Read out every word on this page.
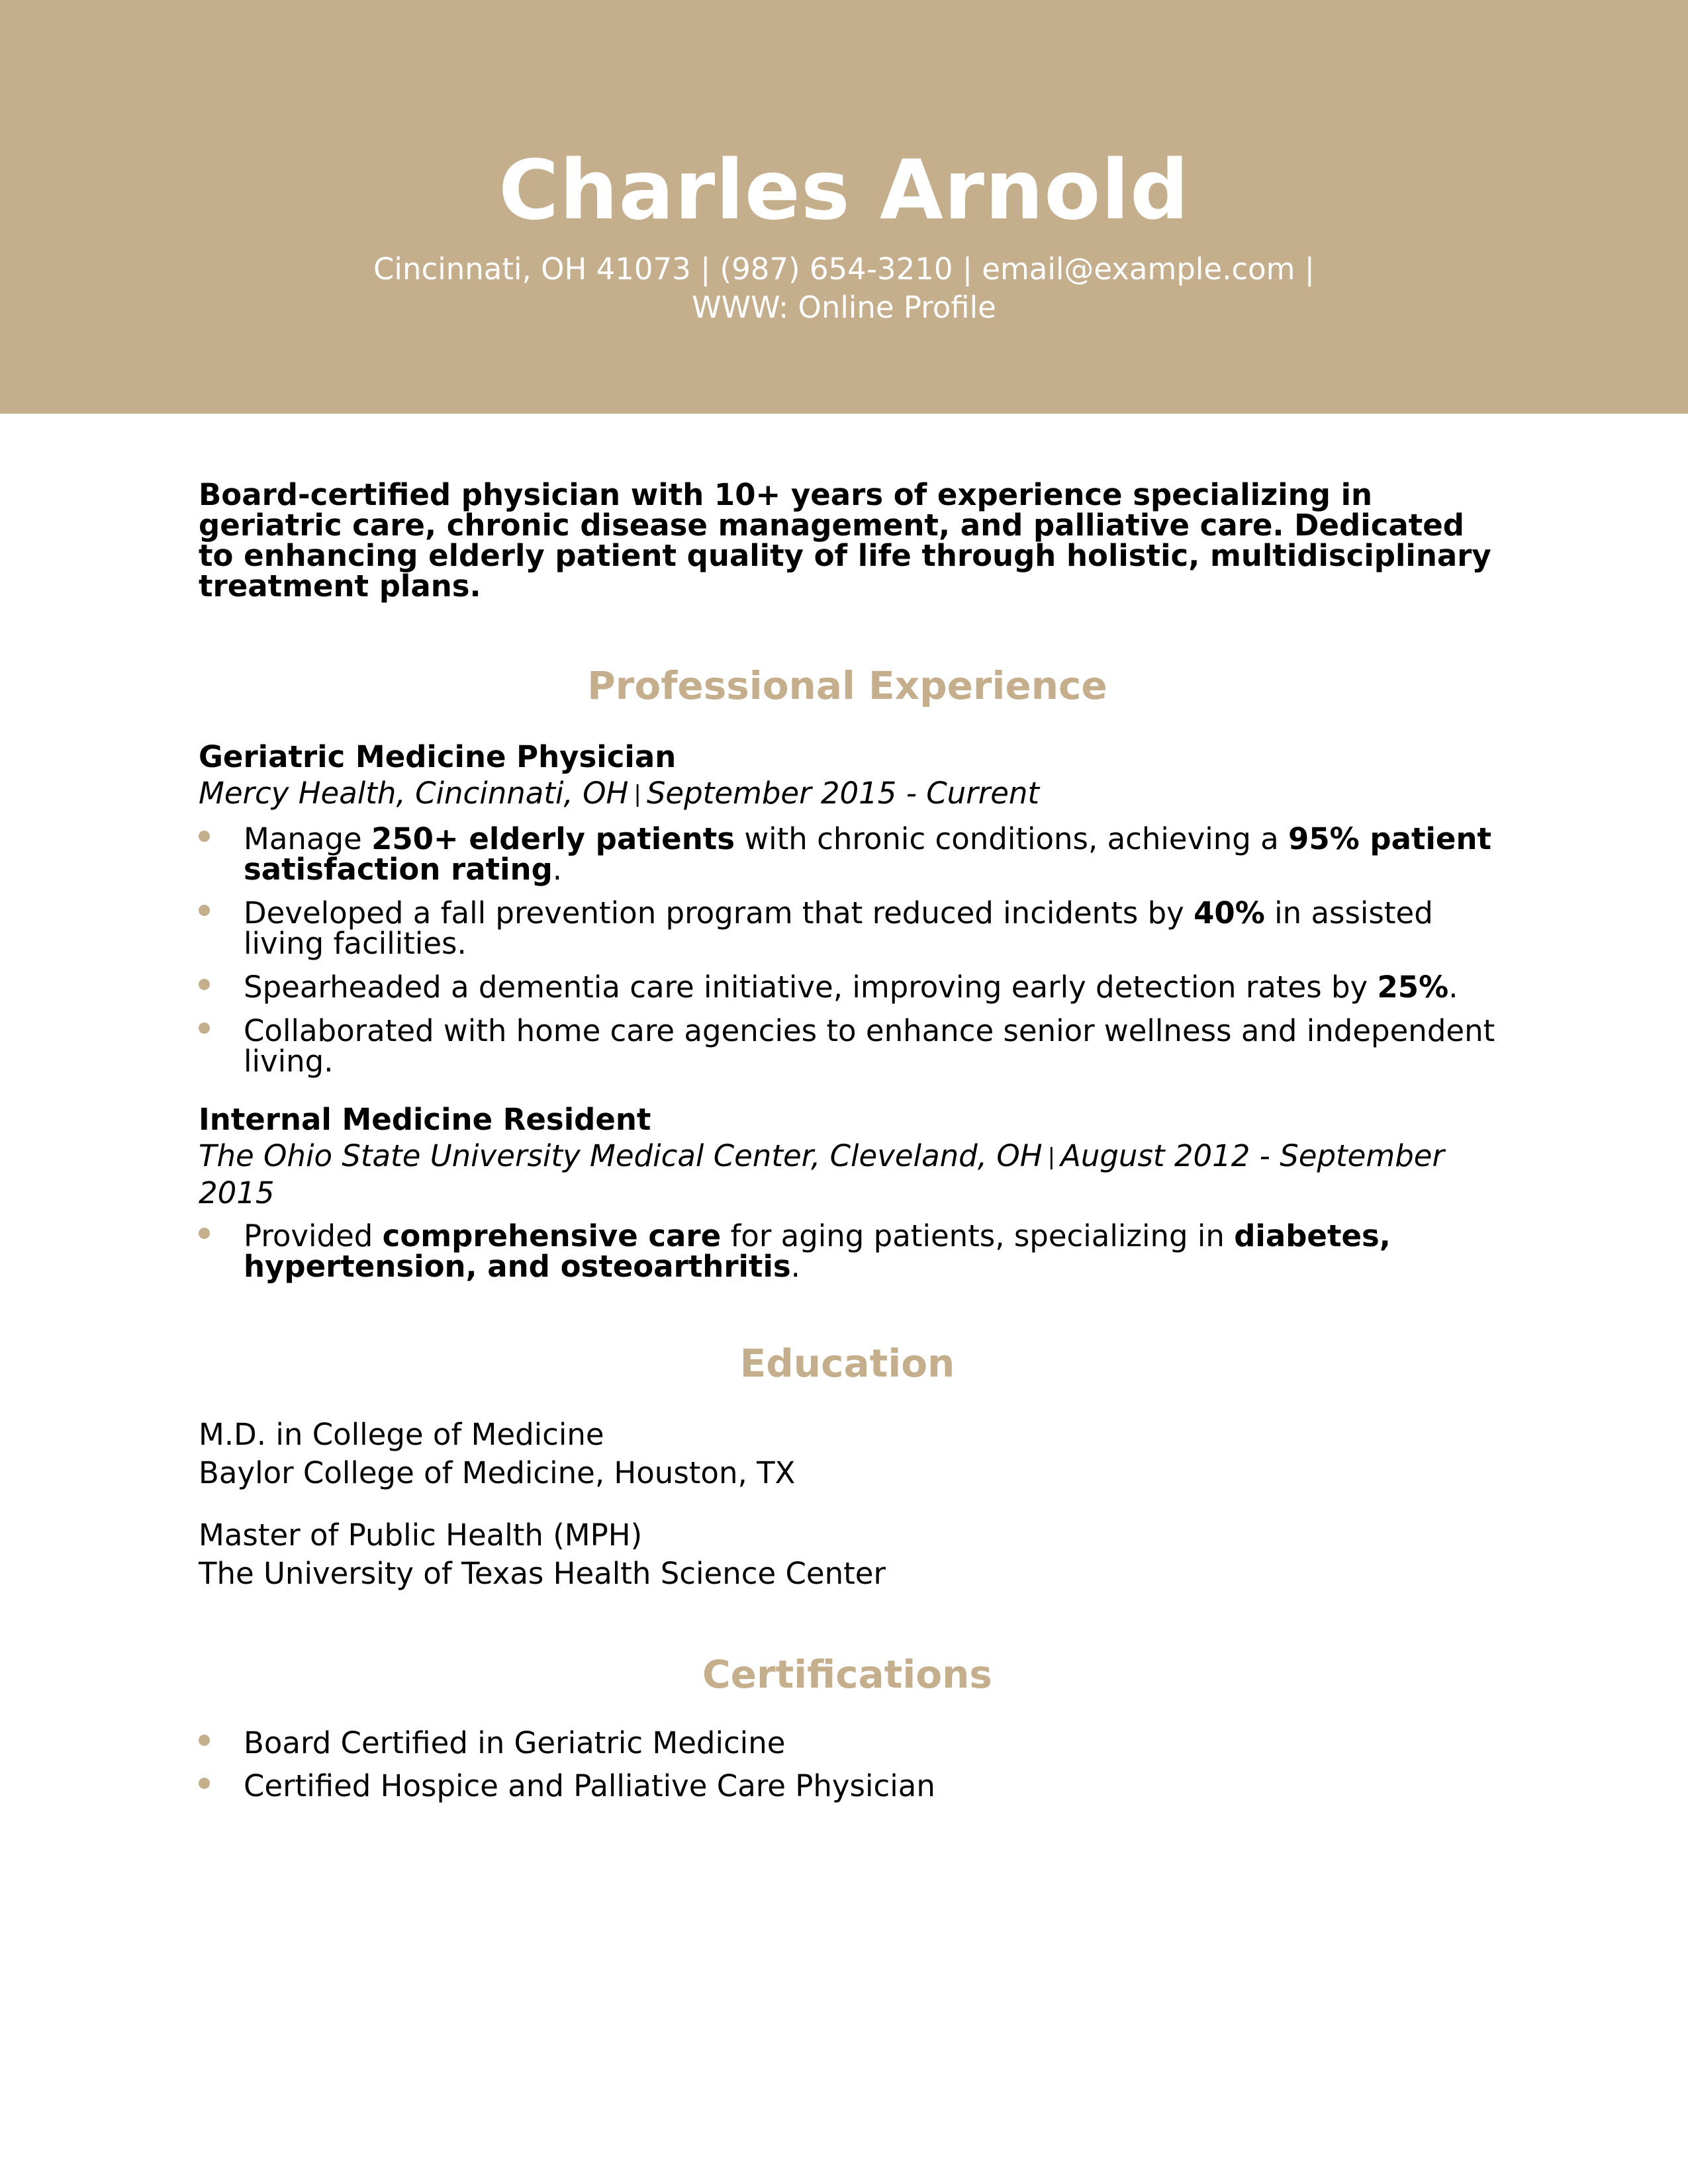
Charles Arnold
Cincinnati, OH 41073 | (987) 654-3210 | email@example.com |
WWW: Online Profile
Board-certified physician with 10+ years of experience specializing in geriatric care, chronic disease management, and palliative care. Dedicated to enhancing elderly patient quality of life through holistic, multidisciplinary treatment plans.
Professional Experience
Geriatric Medicine Physician
Mercy Health, Cincinnati, OH | September 2015 - Current
Manage 250+ elderly patients with chronic conditions, achieving a 95% patient satisfaction rating.
Developed a fall prevention program that reduced incidents by 40% in assisted living facilities.
Spearheaded a dementia care initiative, improving early detection rates by 25%.
Collaborated with home care agencies to enhance senior wellness and independent living.
Internal Medicine Resident
The Ohio State University Medical Center, Cleveland, OH | August 2012 - September 2015
Provided comprehensive care for aging patients, specializing in diabetes, hypertension, and osteoarthritis.
Education
M.D. in College of Medicine
Baylor College of Medicine, Houston, TX
Master of Public Health (MPH)
The University of Texas Health Science Center
Certifications
Board Certified in Geriatric Medicine
Certified Hospice and Palliative Care Physician
